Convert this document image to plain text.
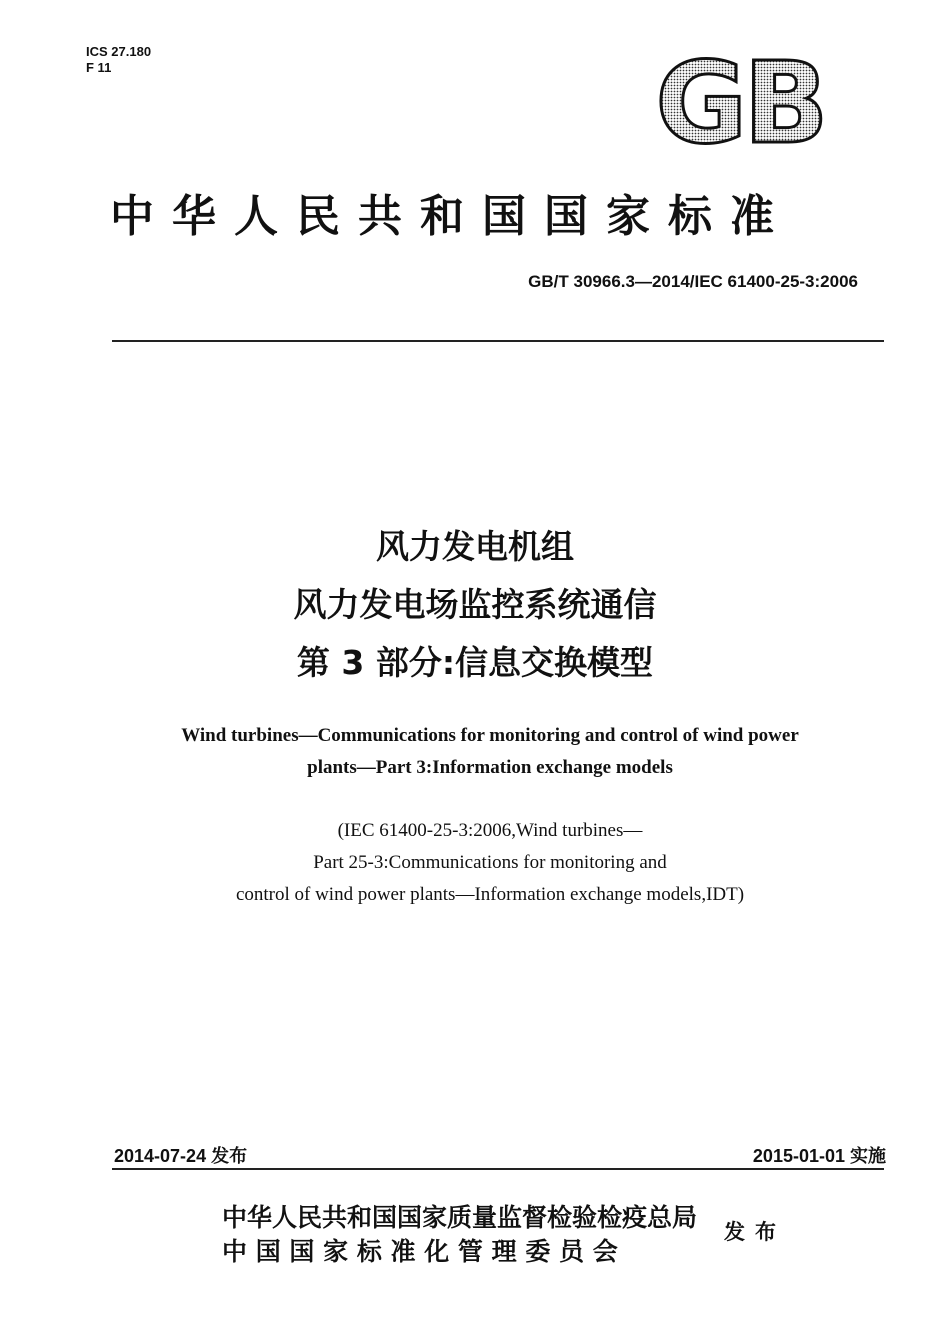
ICS 27.180
F 11	GB
中华人民共和国国家标准
GB/T 30966.3—2014/IEC 61400-25-3:2006
风力发电机组
风力发电场监控系统通信
第 3 部分:信息交换模型
Wind turbines—Communications for monitoring and control of wind power
plants—Part 3:Information exchange models
(IEC 61400-25-3:2006,Wind turbines—
Part 25-3:Communications for monitoring and
control of wind power plants—Information exchange models,IDT)
2014-07-24 发布	2015-01-01 实施
中华人民共和国国家质量监督检验检疫总局
中 国 国 家 标 准 化 管 理 委 员 会
发布
